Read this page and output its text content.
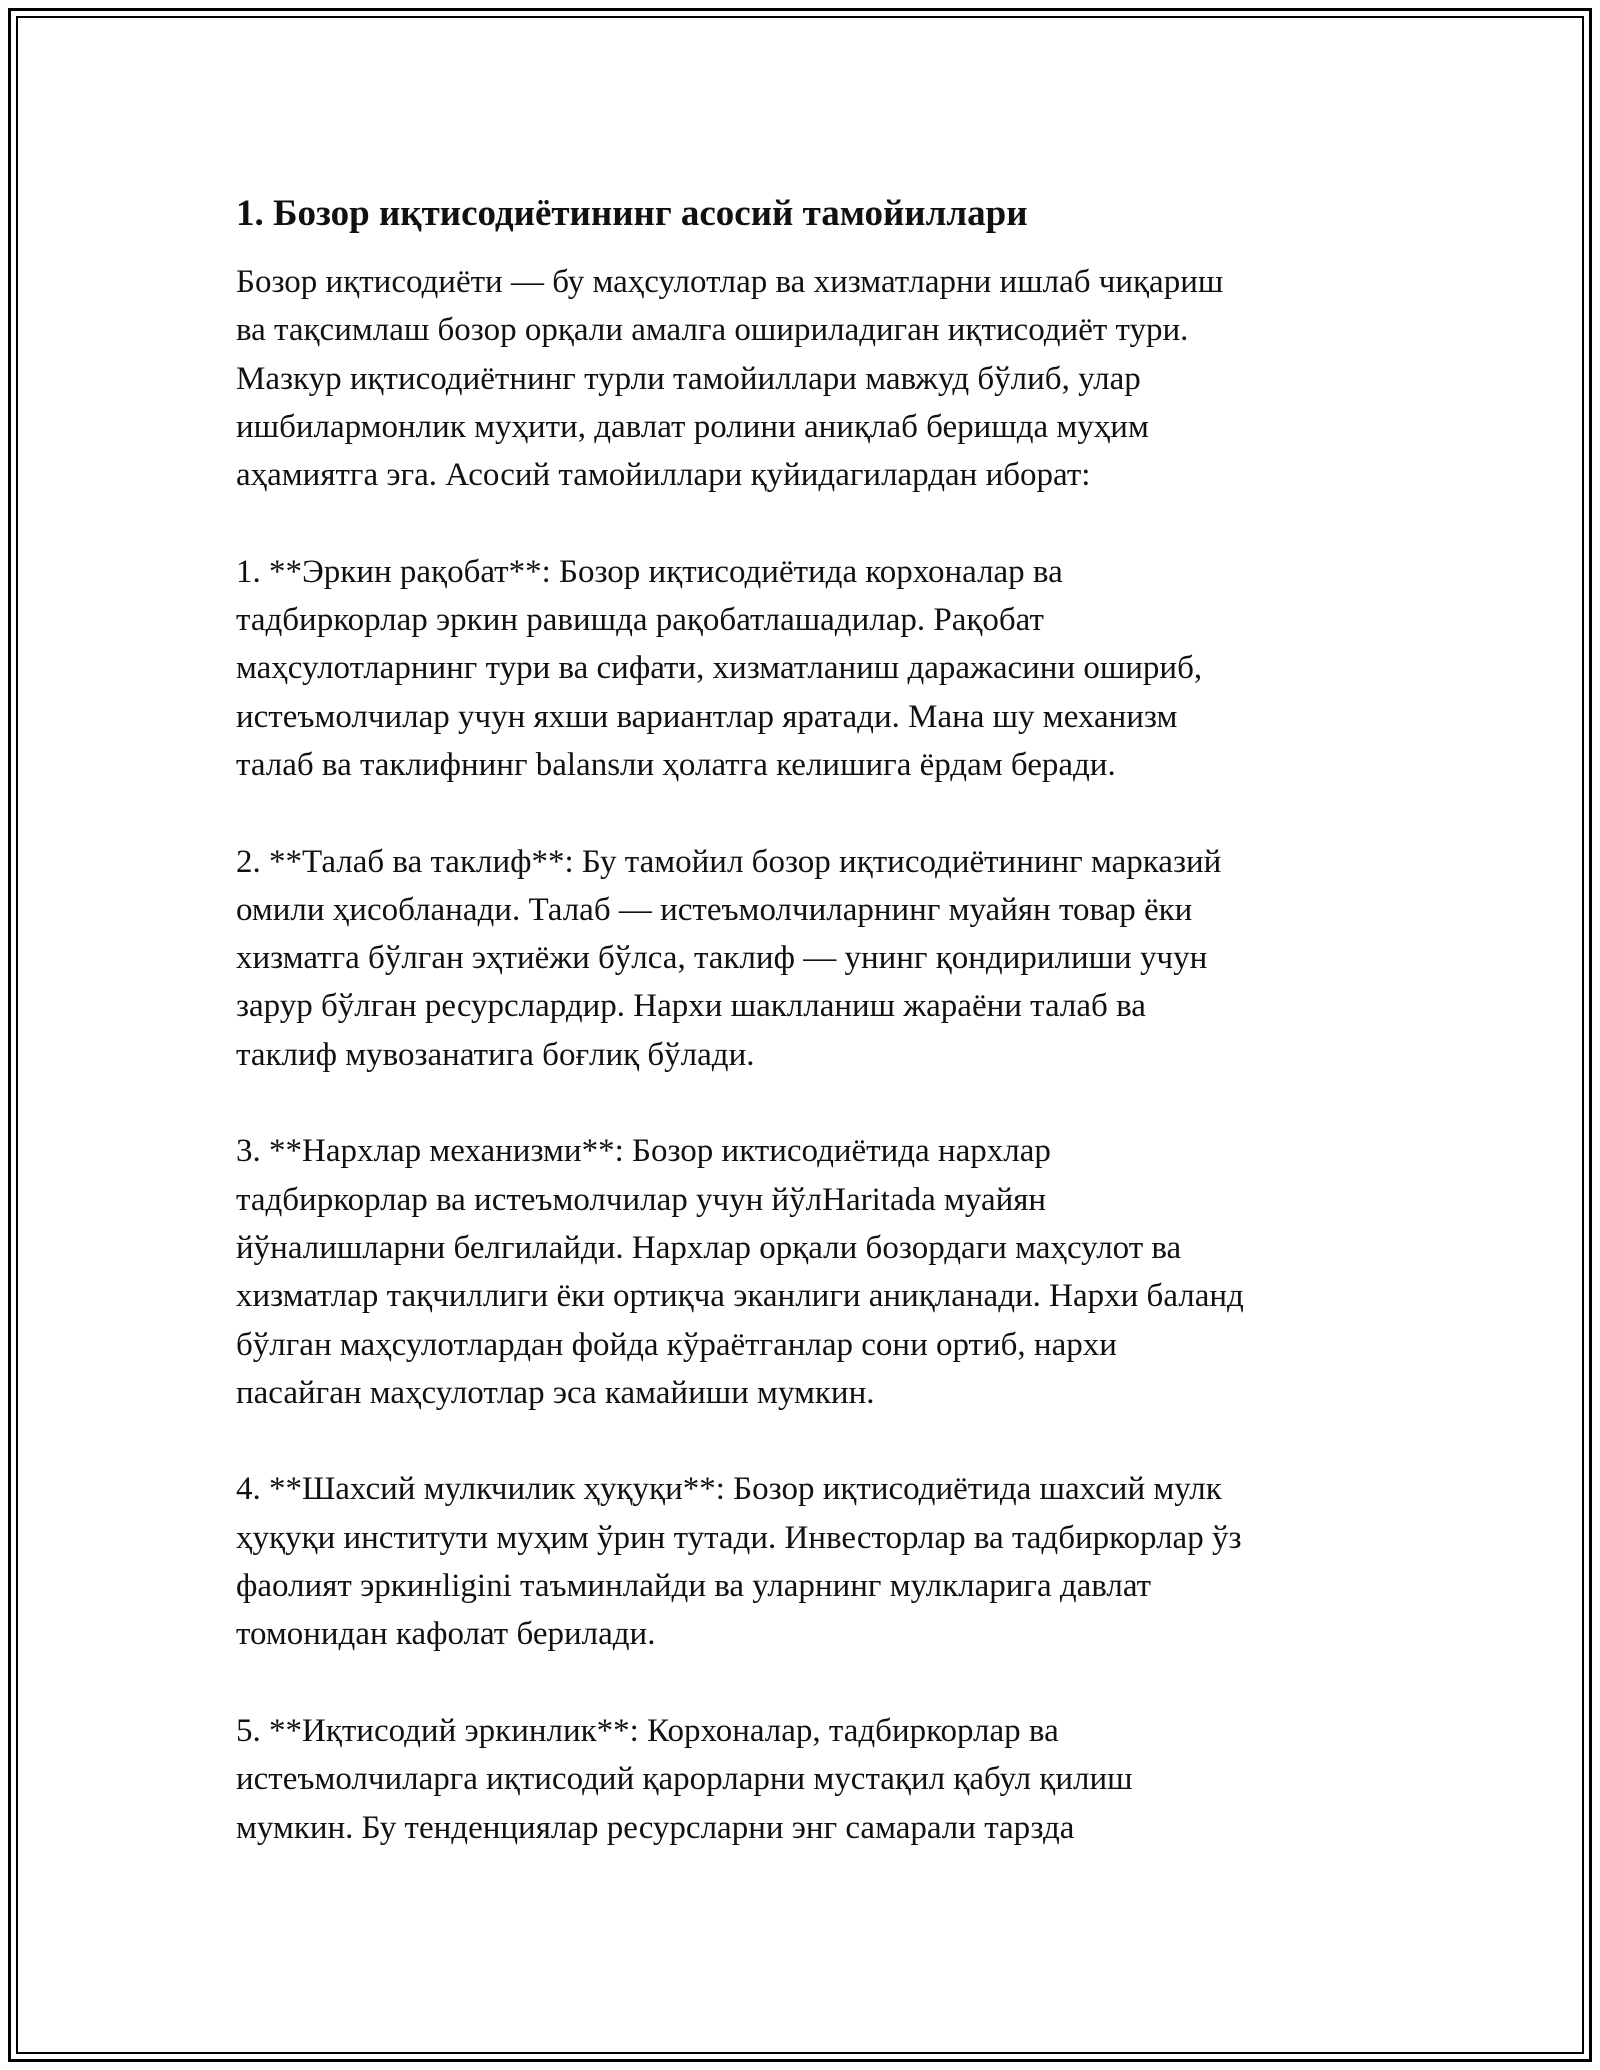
1. Бозор иқтисодиётининг асосий тамойиллари
Бозор иқтисодиёти — бу маҳсулотлар ва хизматларни ишлаб чиқариш
ва тақсимлаш бозор орқали амалга ошириладиган иқтисодиёт тури.
Мазкур иқтисодиётнинг турли тамойиллари мавжуд бўлиб, улар
ишбилармонлик муҳити, давлат ролини аниқлаб беришда муҳим
аҳамиятга эга. Асосий тамойиллари қуйидагилардан иборат:
1. **Эркин рақобат**: Бозор иқтисодиётида корхоналар ва
тадбиркорлар эркин равишда рақобатлашадилар. Рақобат
маҳсулотларнинг тури ва сифати, хизматланиш даражасини ошириб,
истеъмолчилар учун яхши вариантлар яратади. Мана шу механизм
талаб ва таклифнинг balansли ҳолатга келишига ёрдам беради.
2. **Талаб ва таклиф**: Бу тамойил бозор иқтисодиётининг марказий
омили ҳисобланади. Талаб — истеъмолчиларнинг муайян товар ёки
хизматга бўлган эҳтиёжи бўлса, таклиф — унинг қондирилиши учун
зарур бўлган ресурслардир. Нархи шаклланиш жараёни талаб ва
таклиф мувозанатига боғлиқ бўлади.
3. **Нархлар механизми**: Бозор иктисодиётида нархлар
тадбиркорлар ва истеъмолчилар учун йўлHaritada муайян
йўналишларни белгилайди. Нархлар орқали бозордаги маҳсулот ва
хизматлар тақчиллиги ёки ортиқча эканлиги аниқланади. Нархи баланд
бўлган маҳсулотлардан фойда кўраётганлар сони ортиб, нархи
пасайган маҳсулотлар эса камайиши мумкин.
4. **Шахсий мулкчилик ҳуқуқи**: Бозор иқтисодиётида шахсий мулк
ҳуқуқи институти муҳим ўрин тутади. Инвесторлар ва тадбиркорлар ўз
фаолият эркинligini таъминлайди ва уларнинг мулкларига давлат
томонидан кафолат берилади.
5. **Иқтисодий эркинлик**: Корхоналар, тадбиркорлар ва
истеъмолчиларга иқтисодий қарорларни мустақил қабул қилиш
мумкин. Бу тенденциялар ресурсларни энг самарали тарзда
